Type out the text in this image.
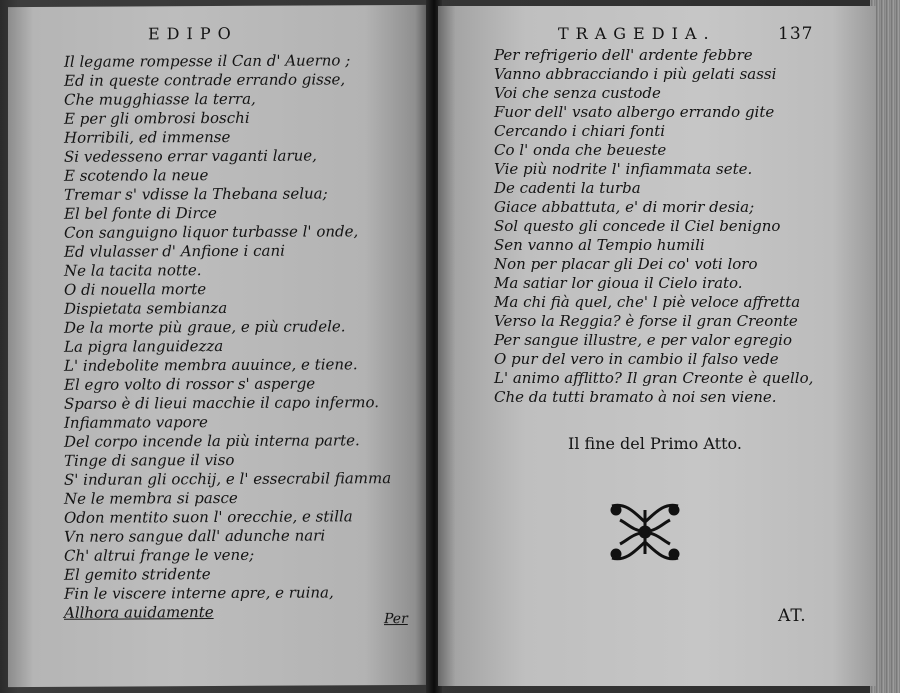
EDIPO
Il legame rompesse il Can d' Auerno ;
Ed in queste contrade errando gisse,
Che mugghiasse la terra,
E per gli ombrosi boschi
Horribili, ed immense
Si vedesseno errar vaganti larue,
E scotendo la neue
Tremar s' vdisse la Thebana selua;
El bel fonte di Dirce
Con sanguigno liquor turbasse l' onde,
Ed vlulasser d' Anfione i cani
Ne la tacita notte.
O di nouella morte
Dispietata sembianza
De la morte più graue, e più crudele.
La pigra languidezza
L' indebolite membra auuince, e tiene.
El egro volto di rossor s' asperge
Sparso è di lieui macchie il capo infermo.
Infiammato vapore
Del corpo incende la più interna parte.
Tinge di sangue il viso
S' induran gli occhij, e l' essecrabil fiamma
Ne le membra si pasce
Odon mentito suon l' orecchie, e stilla
Vn nero sangue dall' adunche nari
Ch' altrui frange le vene;
El gemito stridente
Fin le viscere interne apre, e ruina,
Allhora auidamente	Per
TRAGEDIA.	137
Per refrigerio dell' ardente febbre
Vanno abbracciando i più gelati sassi
Voi che senza custode
Fuor dell' vsato albergo errando gite
Cercando i chiari fonti
Co l' onda che beueste
Vie più nodrite l' infiammata sete.
De cadenti la turba
Giace abbattuta, e' di morir desia;
Sol questo gli concede il Ciel benigno
Sen vanno al Tempio humili
Non per placar gli Dei co' voti loro
Ma satiar lor gioua il Cielo irato.
Ma chi fià quel, che' l piè veloce affretta
Verso la Reggia? è forse il gran Creonte
Per sangue illustre, e per valor egregio
O pur del vero in cambio il falso vede
L' animo afflitto? Il gran Creonte è quello,
Che da tutti bramato à noi sen viene.
Il fine del Primo Atto.
AT.
